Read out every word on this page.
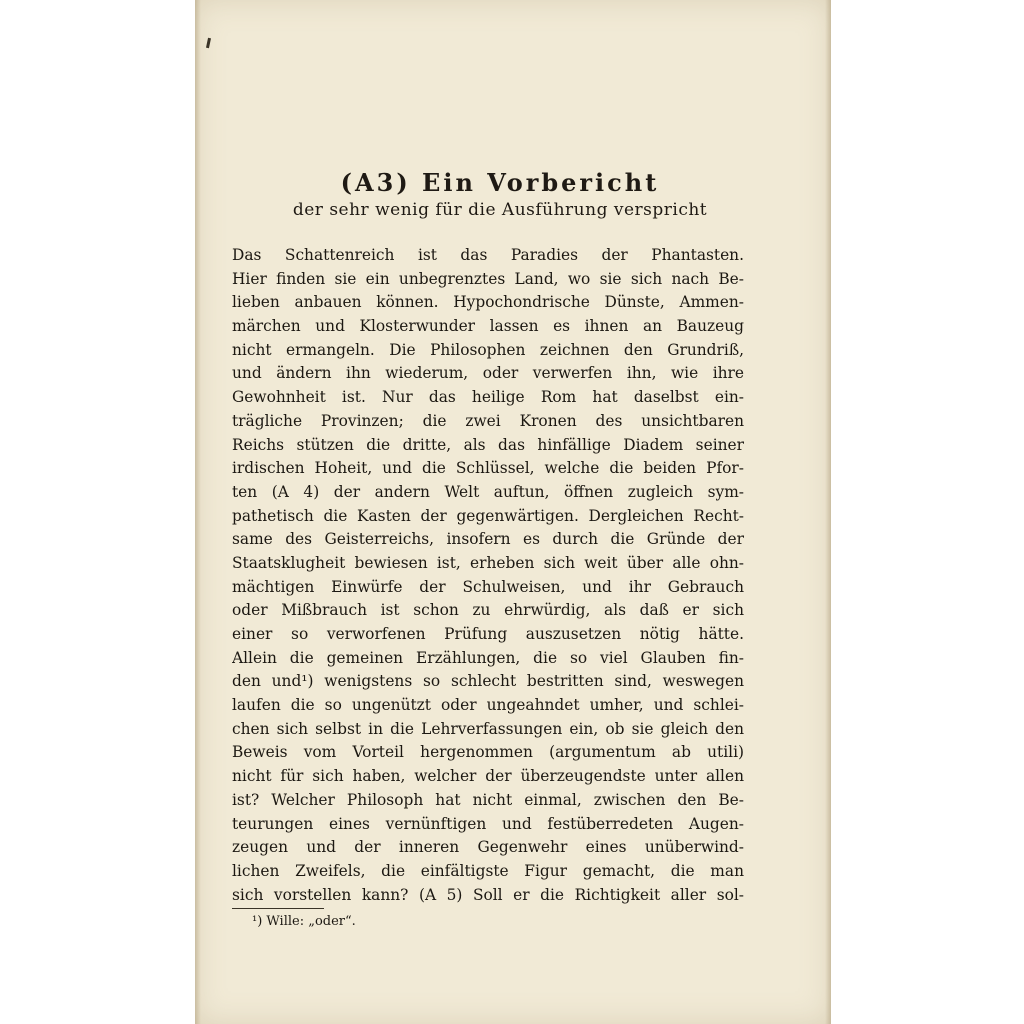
(A3) Ein Vorbericht
der sehr wenig für die Ausführung verspricht
Das Schattenreich ist das Paradies der Phantasten.
Hier finden sie ein unbegrenztes Land, wo sie sich nach Be-
lieben anbauen können. Hypochondrische Dünste, Ammen-
märchen und Klosterwunder lassen es ihnen an Bauzeug
nicht ermangeln. Die Philosophen zeichnen den Grundriß,
und ändern ihn wiederum, oder verwerfen ihn, wie ihre
Gewohnheit ist. Nur das heilige Rom hat daselbst ein-
trägliche Provinzen; die zwei Kronen des unsichtbaren
Reichs stützen die dritte, als das hinfällige Diadem seiner
irdischen Hoheit, und die Schlüssel, welche die beiden Pfor-
ten (A 4) der andern Welt auftun, öffnen zugleich sym-
pathetisch die Kasten der gegenwärtigen. Dergleichen Recht-
same des Geisterreichs, insofern es durch die Gründe der
Staatsklugheit bewiesen ist, erheben sich weit über alle ohn-
mächtigen Einwürfe der Schulweisen, und ihr Gebrauch
oder Mißbrauch ist schon zu ehrwürdig, als daß er sich
einer so verworfenen Prüfung auszusetzen nötig hätte.
Allein die gemeinen Erzählungen, die so viel Glauben fin-
den und¹) wenigstens so schlecht bestritten sind, weswegen
laufen die so ungenützt oder ungeahndet umher, und schlei-
chen sich selbst in die Lehrverfassungen ein, ob sie gleich den
Beweis vom Vorteil hergenommen (argumentum ab utili)
nicht für sich haben, welcher der überzeugendste unter allen
ist? Welcher Philosoph hat nicht einmal, zwischen den Be-
teurungen eines vernünftigen und festüberredeten Augen-
zeugen und der inneren Gegenwehr eines unüberwind-
lichen Zweifels, die einfältigste Figur gemacht, die man
sich vorstellen kann? (A 5) Soll er die Richtigkeit aller sol-
¹) Wille: „oder“.
